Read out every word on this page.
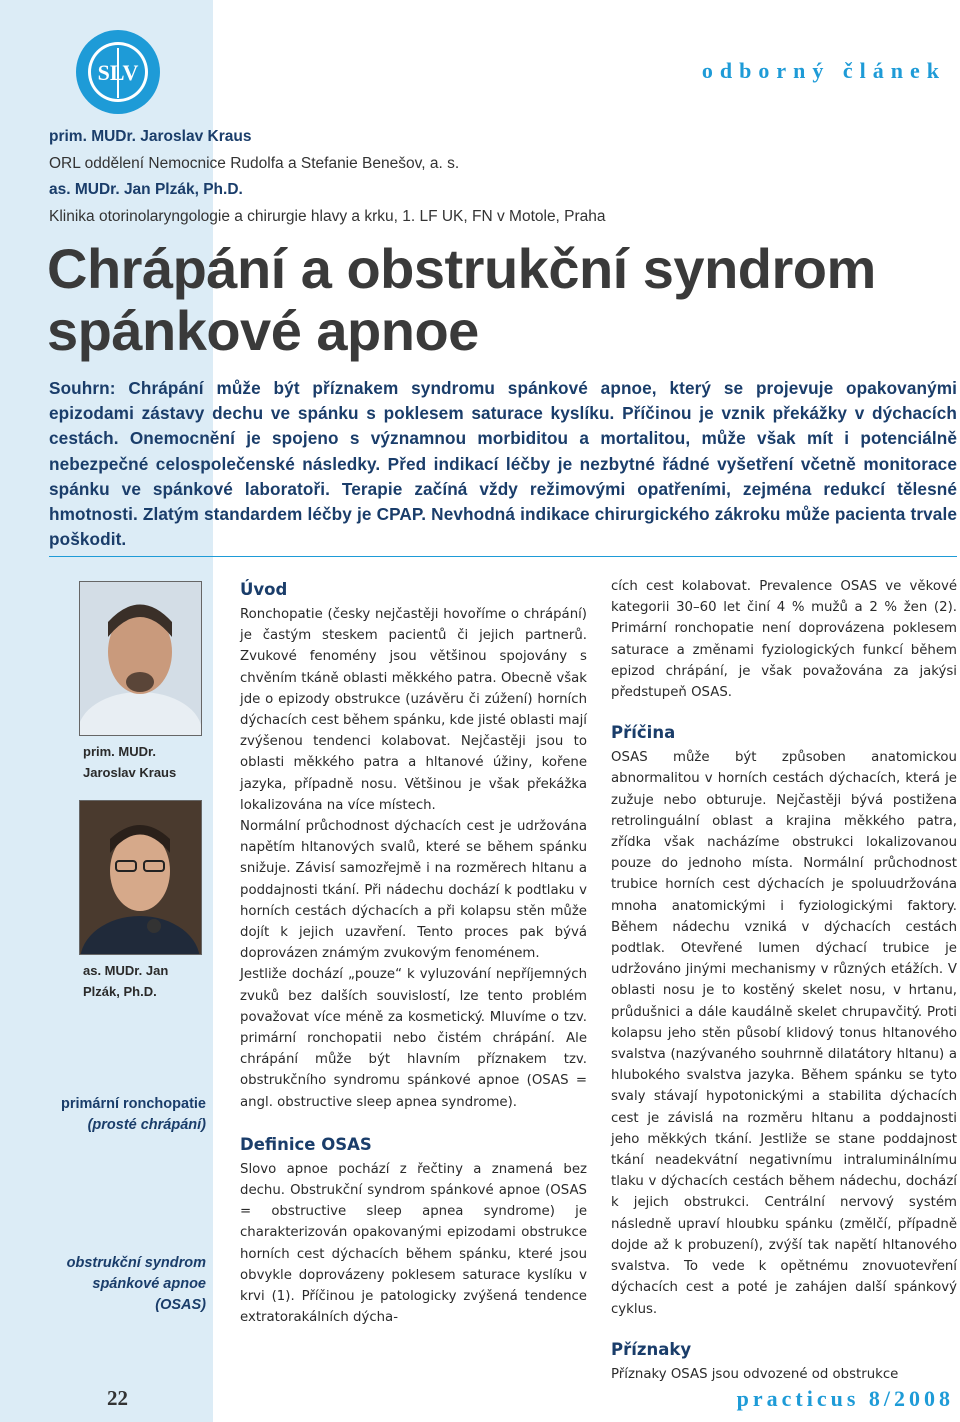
SLV	odborný článek
prim. MUDr. Jaroslav Kraus
ORL oddělení Nemocnice Rudolfa a Stefanie Benešov, a. s.
as. MUDr. Jan Plzák, Ph.D.
Klinika otorinolaryngologie a chirurgie hlavy a krku, 1. LF UK, FN v Motole, Praha
Chrápání a obstrukční syndrom
spánkové apnoe

Souhrn: Chrápání může být příznakem syndromu spánkové apnoe, který se projevuje opakovanými epizodami zástavy dechu ve spánku s poklesem saturace kyslíku. Příčinou je vznik překážky v dýchacích cestách. Onemocnění je spojeno s významnou morbiditou a mortalitou, může však mít i potenciálně nebezpečné celospolečenské následky. Před indikací léčby je nezbytné řádné vyšetření včetně monitorace spánku ve spánkové laboratoři. Terapie začíná vždy režimovými opatřeními, zejména redukcí tělesné hmotnosti. Zlatým standardem léčby je CPAP. Nevhodná indikace chirurgického zákroku může pacienta trvale poškodit.

prim. MUDr.
Jaroslav Kraus
as. MUDr. Jan
Plzák, Ph.D.
primární ronchopatie
(prosté chrápání)
obstrukční syndrom
spánkové apnoe
(OSAS)
22
Úvod

Ronchopatie (česky nejčastěji hovoříme o chrápání) je častým steskem pacientů či jejich partnerů. Zvukové fenomény jsou většinou spojovány s chvěním tkáně oblasti měkkého patra. Obecně však jde o epizody obstrukce (uzávěru či zúžení) horních dýchacích cest během spánku, kde jisté oblasti mají zvýšenou tendenci kolabovat. Nejčastěji jsou to oblasti měkkého patra a hltanové úžiny, kořene jazyka, případně nosu. Většinou je však překážka lokalizována na více místech.

Normální průchodnost dýchacích cest je udržována napětím hltanových svalů, které se během spánku snižuje. Závisí samozřejmě i na rozměrech hltanu a poddajnosti tkání. Při nádechu dochází k podtlaku v horních cestách dýchacích a při kolapsu stěn může dojít k jejich uzavření. Tento proces pak bývá doprovázen známým zvukovým fenoménem.

Jestliže dochází „pouze“ k vyluzování nepříjemných zvuků bez dalších souvislostí, lze tento problém považovat více méně za kosmetický. Mluvíme o tzv. primární ronchopatii nebo čistém chrápání. Ale chrápání může být hlavním příznakem tzv. obstrukčního syndromu spánkové apnoe (OSAS = angl. obstructive sleep apnea syndrome).

Definice OSAS

Slovo apnoe pochází z řečtiny a znamená bez dechu. Obstrukční syndrom spánkové apnoe (OSAS = obstructive sleep apnea syndrome) je charakterizován opakovanými epizodami obstrukce horních cest dýchacích během spánku, které jsou obvykle doprovázeny poklesem saturace kyslíku v krvi (1). Příčinou je patologicky zvýšená tendence extratorakálních dýcha-

cích cest kolabovat. Prevalence OSAS ve věkové kategorii 30–60 let činí 4 % mužů a 2 % žen (2). Primární ronchopatie není doprovázena poklesem saturace a změnami fyziologických funkcí během epizod chrápání, je však považována za jakýsi předstupeň OSAS.

Příčina

OSAS může být způsoben anatomickou abnormalitou v horních cestách dýchacích, která je zužuje nebo obturuje. Nejčastěji bývá postižena retrolinguální oblast a krajina měkkého patra, zřídka však nacházíme obstrukci lokalizovanou pouze do jednoho místa. Normální průchodnost trubice horních cest dýchacích je spoluudržována mnoha anatomickými i fyziologickými faktory. Během nádechu vzniká v dýchacích cestách podtlak. Otevřené lumen dýchací trubice je udržováno jinými mechanismy v různých etážích. V oblasti nosu je to kostěný skelet nosu, v hrtanu, průdušnici a dále kaudálně skelet chrupavčitý. Proti kolapsu jeho stěn působí klidový tonus hltanového svalstva (nazývaného souhrnně dilatátory hltanu) a hlubokého svalstva jazyka. Během spánku se tyto svaly stávají hypotonickými a stabilita dýchacích cest je závislá na rozměru hltanu a poddajnosti jeho měkkých tkání. Jestliže se stane poddajnost tkání neadekvátní negativnímu intraluminálnímu tlaku v dýchacích cestách během nádechu, dochází k jejich obstrukci. Centrální nervový systém následně upraví hloubku spánku (změlčí, případně dojde až k probuzení), zvýší tak napětí hltanového svalstva. To vede k opětnému znovuotevření dýchacích cest a poté je zahájen další spánkový cyklus.

Příznaky

Příznaky OSAS jsou odvozené od obstrukce

practicus 8/2008
